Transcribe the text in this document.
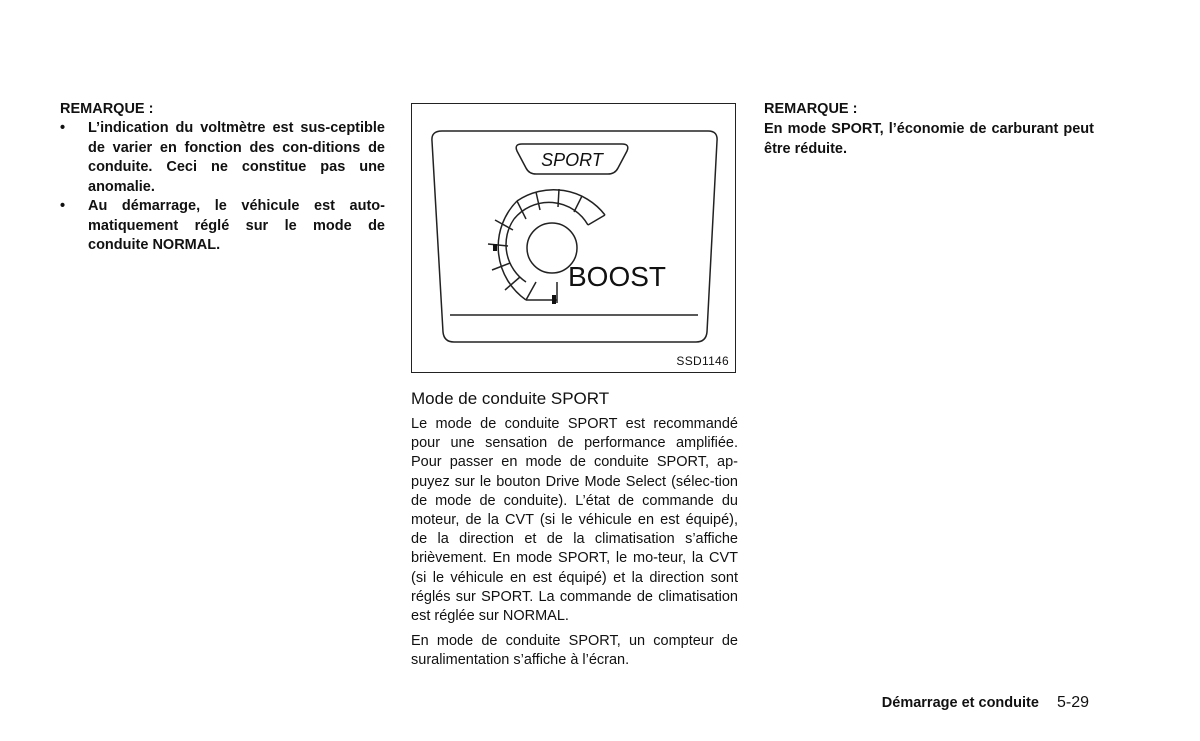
REMARQUE :

• L’indication du voltmètre est sus-ceptible de varier en fonction des con-ditions de conduite. Ceci ne constitue pas une anomalie.
• Au démarrage, le véhicule est auto-matiquement réglé sur le mode de conduite NORMAL.
SPORT
BOOST
SSD1146
Mode de conduite SPORT

Le mode de conduite SPORT est recommandé pour une sensation de performance amplifiée. Pour passer en mode de conduite SPORT, ap-puyez sur le bouton Drive Mode Select (sélec-tion de mode de conduite). L’état de commande du moteur, de la CVT (si le véhicule en est équipé), de la direction et de la climatisation s’affiche brièvement. En mode SPORT, le mo-teur, la CVT (si le véhicule en est équipé) et la direction sont réglés sur SPORT. La commande de climatisation est réglée sur NORMAL.

En mode de conduite SPORT, un compteur de suralimentation s’affiche à l’écran.

REMARQUE :

En mode SPORT, l’économie de carburant peut être réduite.

Démarrage et conduite 5-29
